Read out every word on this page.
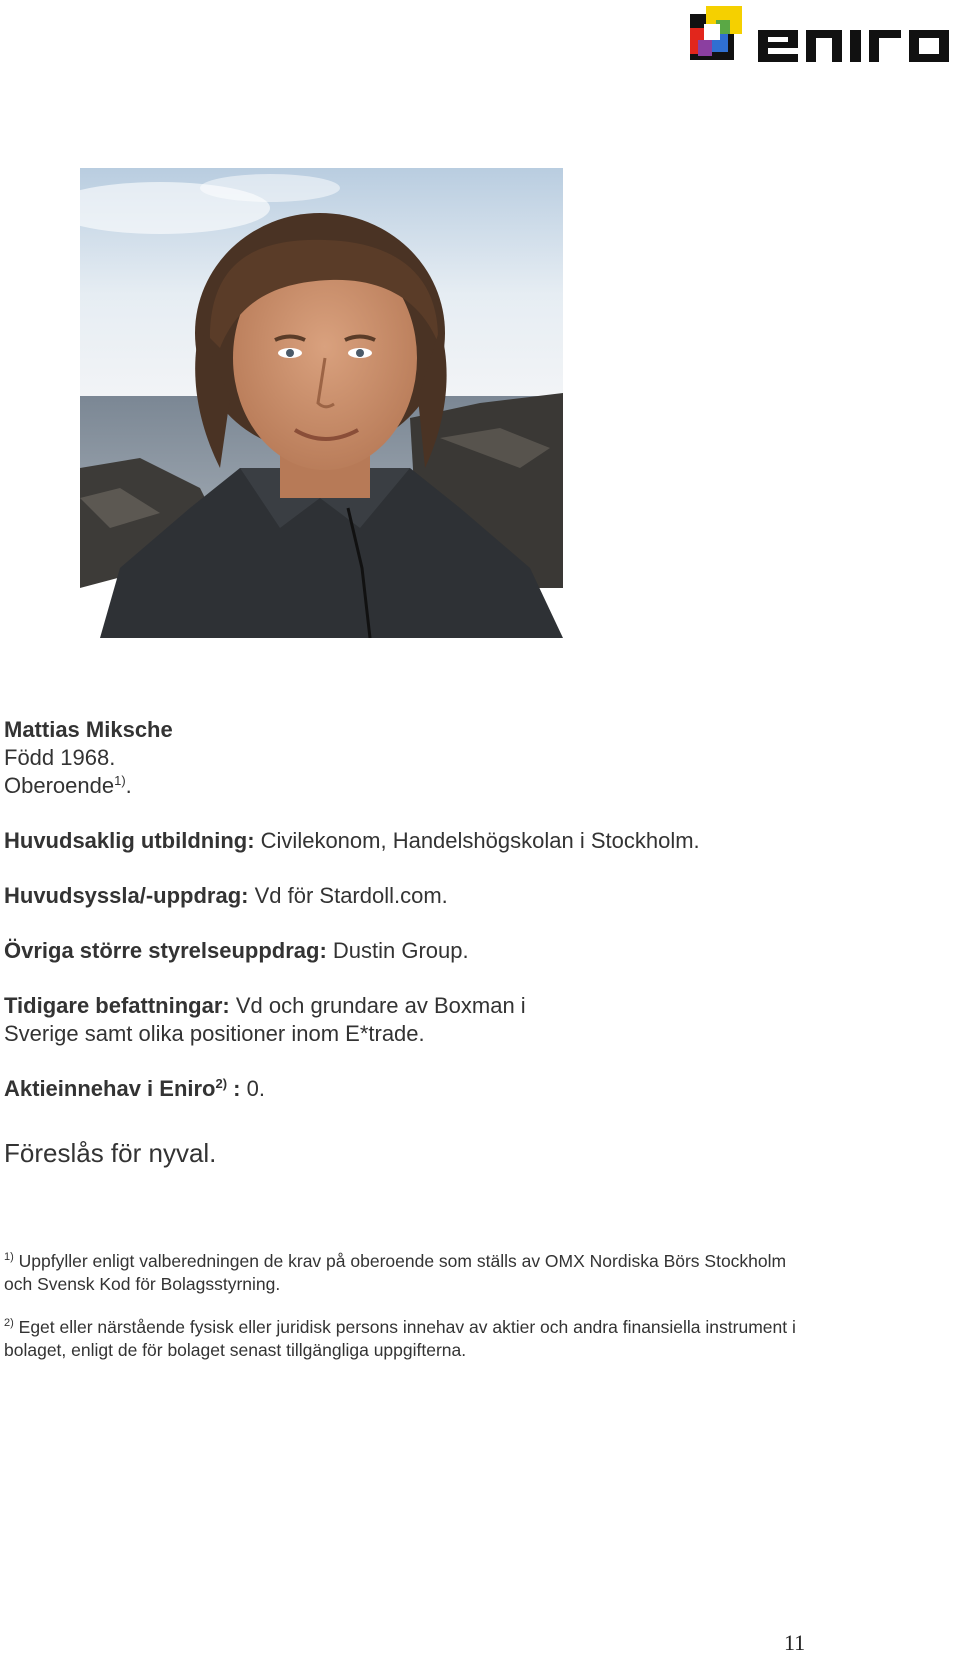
Mattias Miksche

Född 1968.

Oberoende$^{1)}$.

Huvudsaklig utbildning: Civilekonom, Handelshögskolan i Stockholm.

Huvudsyssla/-uppdrag: Vd för Stardoll.com.

Övriga större styrelseuppdrag: Dustin Group.

Tidigare befattningar: Vd och grundare av Boxman i Sverige samt olika positioner inom E*trade.

Aktieinnehav i Eniro$^{2)}$ : 0.

Föreslås för nyval.

$^{1)}$ Uppfyller enligt valberedningen de krav på oberoende som ställs av OMX Nordiska Börs Stockholm och Svensk Kod för Bolagsstyrning.

$^{2)}$ Eget eller närstående fysisk eller juridisk persons innehav av aktier och andra finansiella instrument i bolaget, enligt de för bolaget senast tillgängliga uppgifterna.

11
